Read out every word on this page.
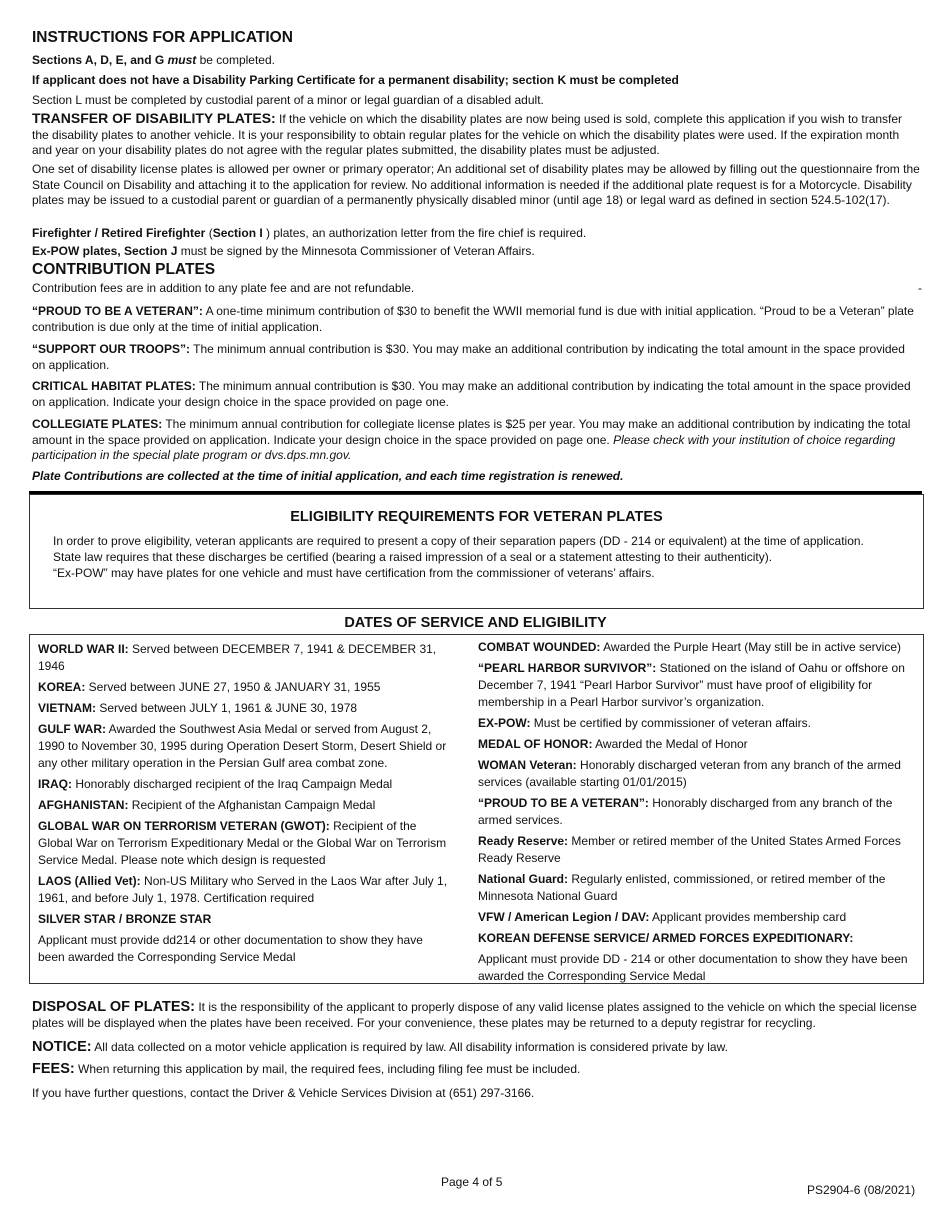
INSTRUCTIONS FOR APPLICATION
Sections A, D, E, and G must be completed.
If applicant does not have a Disability Parking Certificate for a permanent disability; section K must be completed
Section L must be completed by custodial parent of a minor or legal guardian of a disabled adult.
TRANSFER OF DISABILITY PLATES: If the vehicle on which the disability plates are now being used is sold, complete this application if you wish to transfer the disability plates to another vehicle. It is your responsibility to obtain regular plates for the vehicle on which the disability plates were used. If the expiration month and year on your disability plates do not agree with the regular plates submitted, the disability plates must be adjusted.
One set of disability license plates is allowed per owner or primary operator; An additional set of disability plates may be allowed by filling out the questionnaire from the State Council on Disability and attaching it to the application for review. No additional information is needed if the additional plate request is for a Motorcycle. Disability plates may be issued to a custodial parent or guardian of a permanently physically disabled minor (until age 18) or legal ward as defined in section 524.5-102(17).
Firefighter / Retired Firefighter (Section I ) plates, an authorization letter from the fire chief is required.
Ex-POW plates, Section J must be signed by the Minnesota Commissioner of Veteran Affairs.
CONTRIBUTION PLATES
Contribution fees are in addition to any plate fee and are not refundable.	-
“PROUD TO BE A VETERAN”: A one-time minimum contribution of $30 to benefit the WWII memorial fund is due with initial application. “Proud to be a Veteran” plate contribution is due only at the time of initial application.
“SUPPORT OUR TROOPS”: The minimum annual contribution is $30. You may make an additional contribution by indicating the total amount in the space provided on application.
CRITICAL HABITAT PLATES: The minimum annual contribution is $30. You may make an additional contribution by indicating the total amount in the space provided on application. Indicate your design choice in the space provided on page one.
COLLEGIATE PLATES: The minimum annual contribution for collegiate license plates is $25 per year. You may make an additional contribution by indicating the total amount in the space provided on application. Indicate your design choice in the space provided on page one. Please check with your institution of choice regarding participation in the special plate program or dvs.dps.mn.gov.
Plate Contributions are collected at the time of initial application, and each time registration is renewed.
ELIGIBILITY REQUIREMENTS FOR VETERAN PLATES
In order to prove eligibility, veteran applicants are required to present a copy of their separation papers (DD - 214 or equivalent) at the time of application.
State law requires that these discharges be certified (bearing a raised impression of a seal or a statement attesting to their authenticity).
“Ex-POW” may have plates for one vehicle and must have certification from the commissioner of veterans’ affairs.
DATES OF SERVICE AND ELIGIBILITY

WORLD WAR II: Served between DECEMBER 7, 1941 & DECEMBER 31, 1946

KOREA: Served between JUNE 27, 1950 & JANUARY 31, 1955

VIETNAM: Served between JULY 1, 1961 & JUNE 30, 1978

GULF WAR: Awarded the Southwest Asia Medal or served from August 2, 1990 to November 30, 1995 during Operation Desert Storm, Desert Shield or any other military operation in the Persian Gulf area combat zone.

IRAQ: Honorably discharged recipient of the Iraq Campaign Medal

AFGHANISTAN: Recipient of the Afghanistan Campaign Medal

GLOBAL WAR ON TERRORISM VETERAN (GWOT): Recipient of the Global War on Terrorism Expeditionary Medal or the Global War on Terrorism Service Medal. Please note which design is requested

LAOS (Allied Vet): Non-US Military who Served in the Laos War after July 1, 1961, and before July 1, 1978. Certification required

SILVER STAR / BRONZE STAR

Applicant must provide dd214 or other documentation to show they have been awarded the Corresponding Service Medal

COMBAT WOUNDED: Awarded the Purple Heart (May still be in active service)

“PEARL HARBOR SURVIVOR”: Stationed on the island of Oahu or offshore on December 7, 1941 “Pearl Harbor Survivor” must have proof of eligibility for membership in a Pearl Harbor survivor’s organization.

EX-POW: Must be certified by commissioner of veteran affairs.

MEDAL OF HONOR: Awarded the Medal of Honor

WOMAN Veteran: Honorably discharged veteran from any branch of the armed services (available starting 01/01/2015)

“PROUD TO BE A VETERAN”: Honorably discharged from any branch of the armed services.

Ready Reserve: Member or retired member of the United States Armed Forces Ready Reserve

National Guard: Regularly enlisted, commissioned, or retired member of the Minnesota National Guard

VFW / American Legion / DAV: Applicant provides membership card

KOREAN DEFENSE SERVICE/ ARMED FORCES EXPEDITIONARY:

Applicant must provide DD - 214 or other documentation to show they have been awarded the Corresponding Service Medal

DISPOSAL OF PLATES: It is the responsibility of the applicant to properly dispose of any valid license plates assigned to the vehicle on which the special license plates will be displayed when the plates have been received. For your convenience, these plates may be returned to a deputy registrar for recycling.
NOTICE: All data collected on a motor vehicle application is required by law. All disability information is considered private by law.
FEES: When returning this application by mail, the required fees, including filing fee must be included.
If you have further questions, contact the Driver & Vehicle Services Division at (651) 297-3166.
Page 4 of 5
PS2904-6 (08/2021)
